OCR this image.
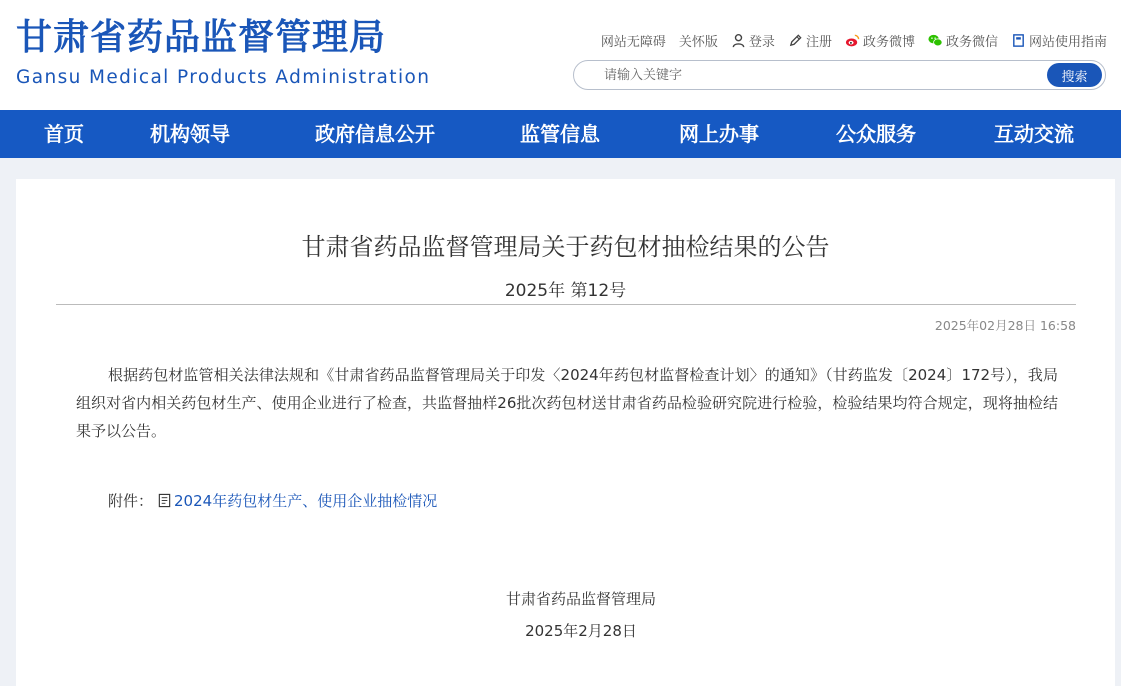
甘肃省药品监督管理局
Gansu Medical Products Administration
网站无障碍 关怀版 登录 注册 政务微博 政务微信 网站使用指南
请输入关键字
搜索
首页	机构领导	政府信息公开	监管信息	网上办事	公众服务	互动交流
甘肃省药品监督管理局关于药包材抽检结果的公告
2025年 第12号
2025年02月28日 16:58

根据药包材监管相关法律法规和《甘肃省药品监督管理局关于印发〈2024年药包材监督检查计划〉的通知》（甘药监发〔2024〕172号），我局组织对省内相关药包材生产、使用企业进行了检查，共监督抽样26批次药包材送甘肃省药品检验研究院进行检验，检验结果均符合规定，现将抽检结果予以公告。

附件： 2024年药包材生产、使用企业抽检情况
甘肃省药品监督管理局
2025年2月28日
